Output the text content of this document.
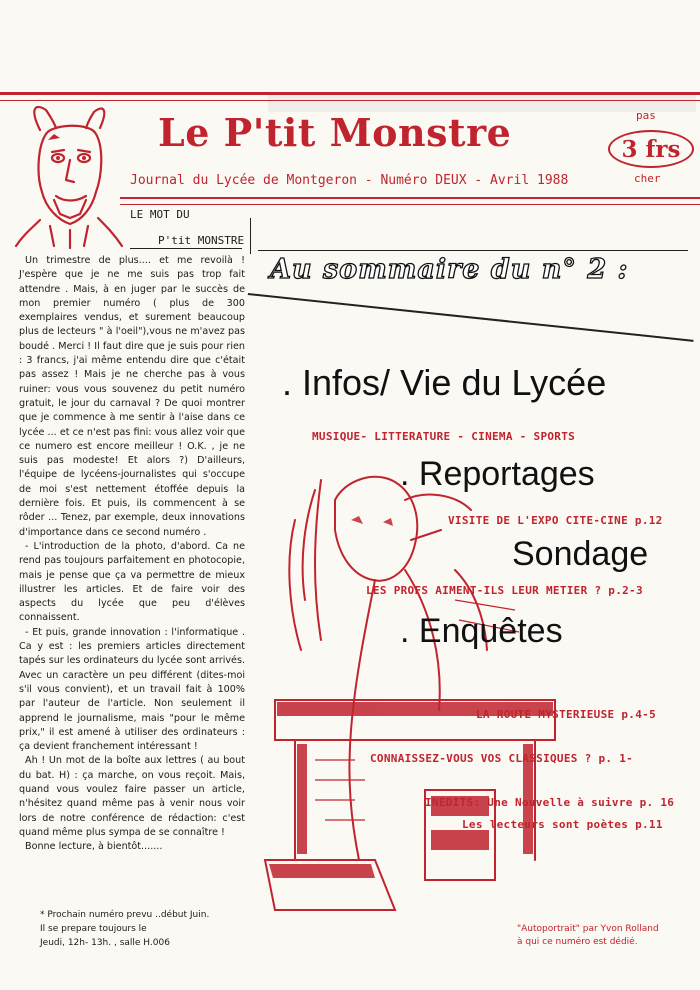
Le P'tit Monstre
Journal du Lycée de Montgeron - Numéro DEUX - Avril 1988
pas
3 frs
cher
LE MOT DU
P'tit MONSTRE

Un trimestre de plus.... et me revoilà ! J'espère que je ne me suis pas trop fait attendre . Mais, à en juger par le succès de mon premier numéro ( plus de 300 exemplaires vendus, et surement beaucoup plus de lecteurs " à l'oeil"),vous ne m'avez pas boudé . Merci ! Il faut dire que je suis pour rien : 3 francs, j'ai même entendu dire que c'était pas assez ! Mais je ne cherche pas à vous ruiner: vous vous souvenez du petit numéro gratuit, le jour du carnaval ? De quoi montrer que je commence à me sentir à l'aise dans ce lycée ... et ce n'est pas fini: vous allez voir que ce numero est encore meilleur ! O.K. , je ne suis pas modeste! Et alors ?) D'ailleurs, l'équipe de lycéens-journalistes qui s'occupe de moi s'est nettement étoffée depuis la dernière fois. Et puis, ils commencent à se rôder ... Tenez, par exemple, deux innovations d'importance dans ce second numéro .

- L'introduction de la photo, d'abord. Ca ne rend pas toujours parfaitement en photocopie, mais je pense que ça va permettre de mieux illustrer les articles. Et de faire voir des aspects du lycée que peu d'élèves connaissent.

- Et puis, grande innovation : l'informatique . Ca y est : les premiers articles directement tapés sur les ordinateurs du lycée sont arrivés. Avec un caractère un peu différent (dites-moi s'il vous convient), et un travail fait à 100% par l'auteur de l'article. Non seulement il apprend le journalisme, mais "pour le même prix," il est amené à utiliser des ordinateurs : ça devient franchement intéressant !

Ah ! Un mot de la boîte aux lettres ( au bout du bat. H) : ça marche, on vous reçoit. Mais, quand vous voulez faire passer un article, n'hésitez quand même pas à venir nous voir lors de notre conférence de rédaction: c'est quand même plus sympa de se connaître !

Bonne lecture, à bientôt.......

* Prochain numéro prevu ..début Juin.
Il se prepare toujours le
Jeudi, 12h- 13h. , salle H.006
Au sommaire du n° 2 :
. Infos/ Vie du Lycée
MUSIQUE- LITTERATURE - CINEMA - SPORTS
. Reportages
VISITE DE L'EXPO CITE-CINE p.12
Sondage
LES PROFS AIMENT-ILS LEUR METIER ? p.2-3
. Enquêtes
LA ROUTE MYSTERIEUSE p.4-5
CONNAISSEZ-VOUS VOS CLASSIQUES ? p. 1-
INEDITS: Une Nouvelle à suivre p. 16
Les lecteurs sont poètes p.11
"Autoportrait" par Yvon Rolland
à qui ce numéro est dédié.
